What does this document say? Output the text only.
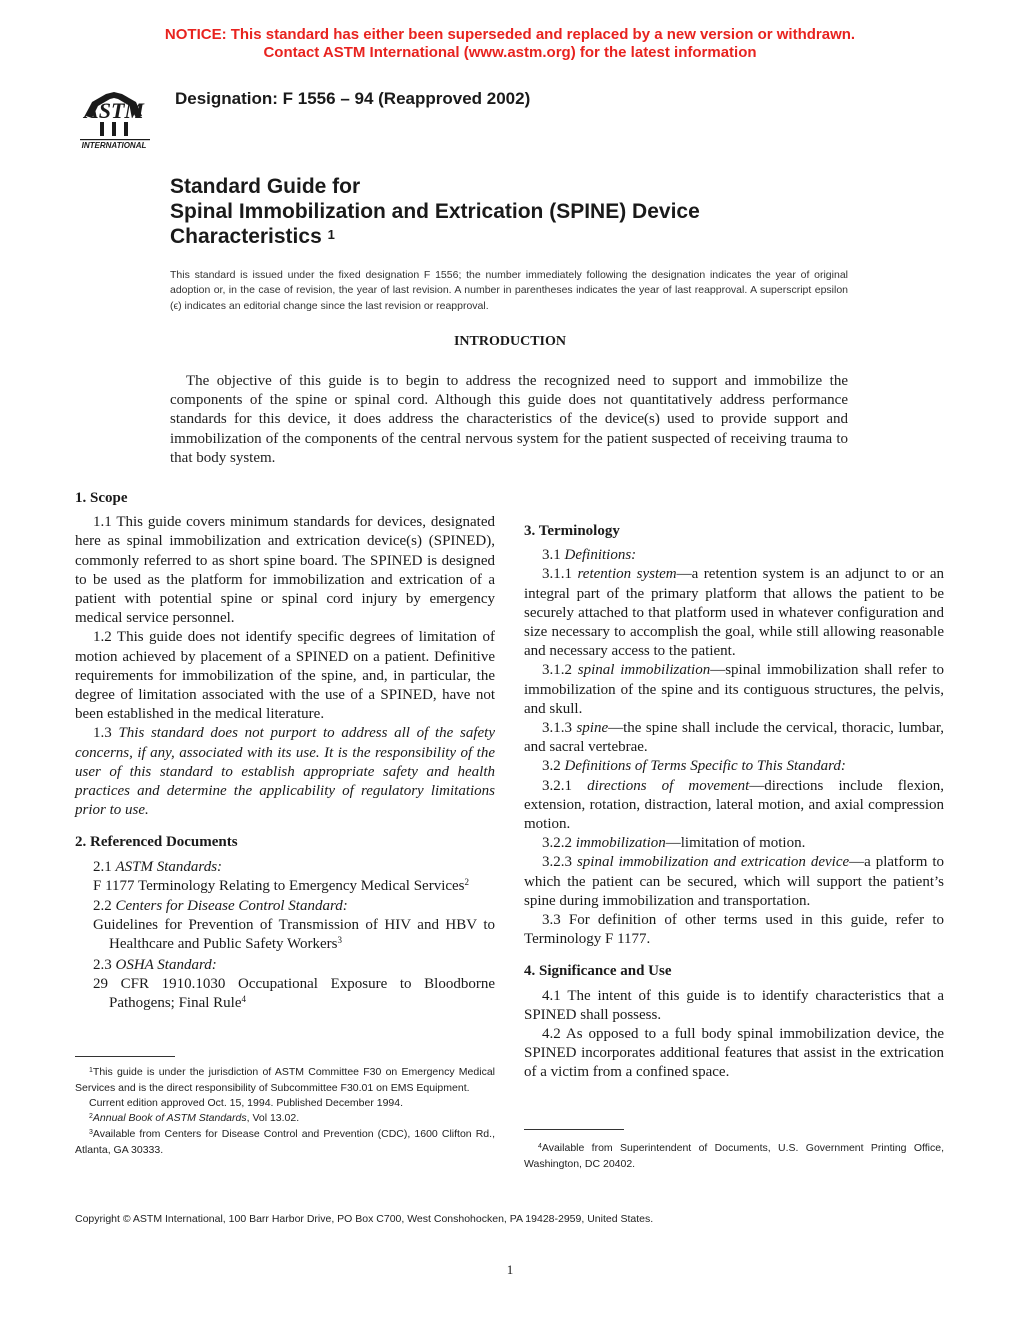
NOTICE: This standard has either been superseded and replaced by a new version or withdrawn.
Contact ASTM International (www.astm.org) for the latest information
ASTM
INTERNATIONAL
Designation: F 1556 – 94 (Reapproved 2002)
Standard Guide for
Spinal Immobilization and Extrication (SPINE) Device
Characteristics $^1$
This standard is issued under the fixed designation F 1556; the number immediately following the designation indicates the year of original adoption or, in the case of revision, the year of last revision. A number in parentheses indicates the year of last reapproval. A superscript epsilon (ϵ) indicates an editorial change since the last revision or reapproval.
INTRODUCTION
The objective of this guide is to begin to address the recognized need to support and immobilize the components of the spine or spinal cord. Although this guide does not quantitatively address performance standards for this device, it does address the characteristics of the device(s) used to provide support and immobilization of the components of the central nervous system for the patient suspected of receiving trauma to that body system.

1. Scope

1.1 This guide covers minimum standards for devices, designated here as spinal immobilization and extrication device(s) (SPINED), commonly referred to as short spine board. The SPINED is designed to be used as the platform for immobilization and extrication of a patient with potential spine or spinal cord injury by emergency medical service personnel.

1.2 This guide does not identify specific degrees of limitation of motion achieved by placement of a SPINED on a patient. Definitive requirements for immobilization of the spine, and, in particular, the degree of limitation associated with the use of a SPINED, have not been established in the medical literature.

1.3 This standard does not purport to address all of the safety concerns, if any, associated with its use. It is the responsibility of the user of this standard to establish appropriate safety and health practices and determine the applicability of regulatory limitations prior to use.

2. Referenced Documents

2.1 ASTM Standards:

F 1177 Terminology Relating to Emergency Medical Services$^2$

2.2 Centers for Disease Control Standard:

Guidelines for Prevention of Transmission of HIV and HBV to Healthcare and Public Safety Workers$^3$

2.3 OSHA Standard:

29 CFR 1910.1030 Occupational Exposure to Bloodborne Pathogens; Final Rule$^4$

$^1$This guide is under the jurisdiction of ASTM Committee F30 on Emergency Medical Services and is the direct responsibility of Subcommittee F30.01 on EMS Equipment.

Current edition approved Oct. 15, 1994. Published December 1994.

$^2$Annual Book of ASTM Standards, Vol 13.02.

$^3$Available from Centers for Disease Control and Prevention (CDC), 1600 Clifton Rd., Atlanta, GA 30333.

3. Terminology

3.1 Definitions:

3.1.1 retention system—a retention system is an adjunct to or an integral part of the primary platform that allows the patient to be securely attached to that platform used in whatever configuration and size necessary to accomplish the goal, while still allowing reasonable and necessary access to the patient.

3.1.2 spinal immobilization—spinal immobilization shall refer to immobilization of the spine and its contiguous structures, the pelvis, and skull.

3.1.3 spine—the spine shall include the cervical, thoracic, lumbar, and sacral vertebrae.

3.2 Definitions of Terms Specific to This Standard:

3.2.1 directions of movement—directions include flexion, extension, rotation, distraction, lateral motion, and axial compression motion.

3.2.2 immobilization—limitation of motion.

3.2.3 spinal immobilization and extrication device—a platform to which the patient can be secured, which will support the patient’s spine during immobilization and transportation.

3.3 For definition of other terms used in this guide, refer to Terminology F 1177.

4. Significance and Use

4.1 The intent of this guide is to identify characteristics that a SPINED shall possess.

4.2 As opposed to a full body spinal immobilization device, the SPINED incorporates additional features that assist in the extrication of a victim from a confined space.

$^4$Available from Superintendent of Documents, U.S. Government Printing Office, Washington, DC 20402.

Copyright © ASTM International, 100 Barr Harbor Drive, PO Box C700, West Conshohocken, PA 19428-2959, United States.
1
